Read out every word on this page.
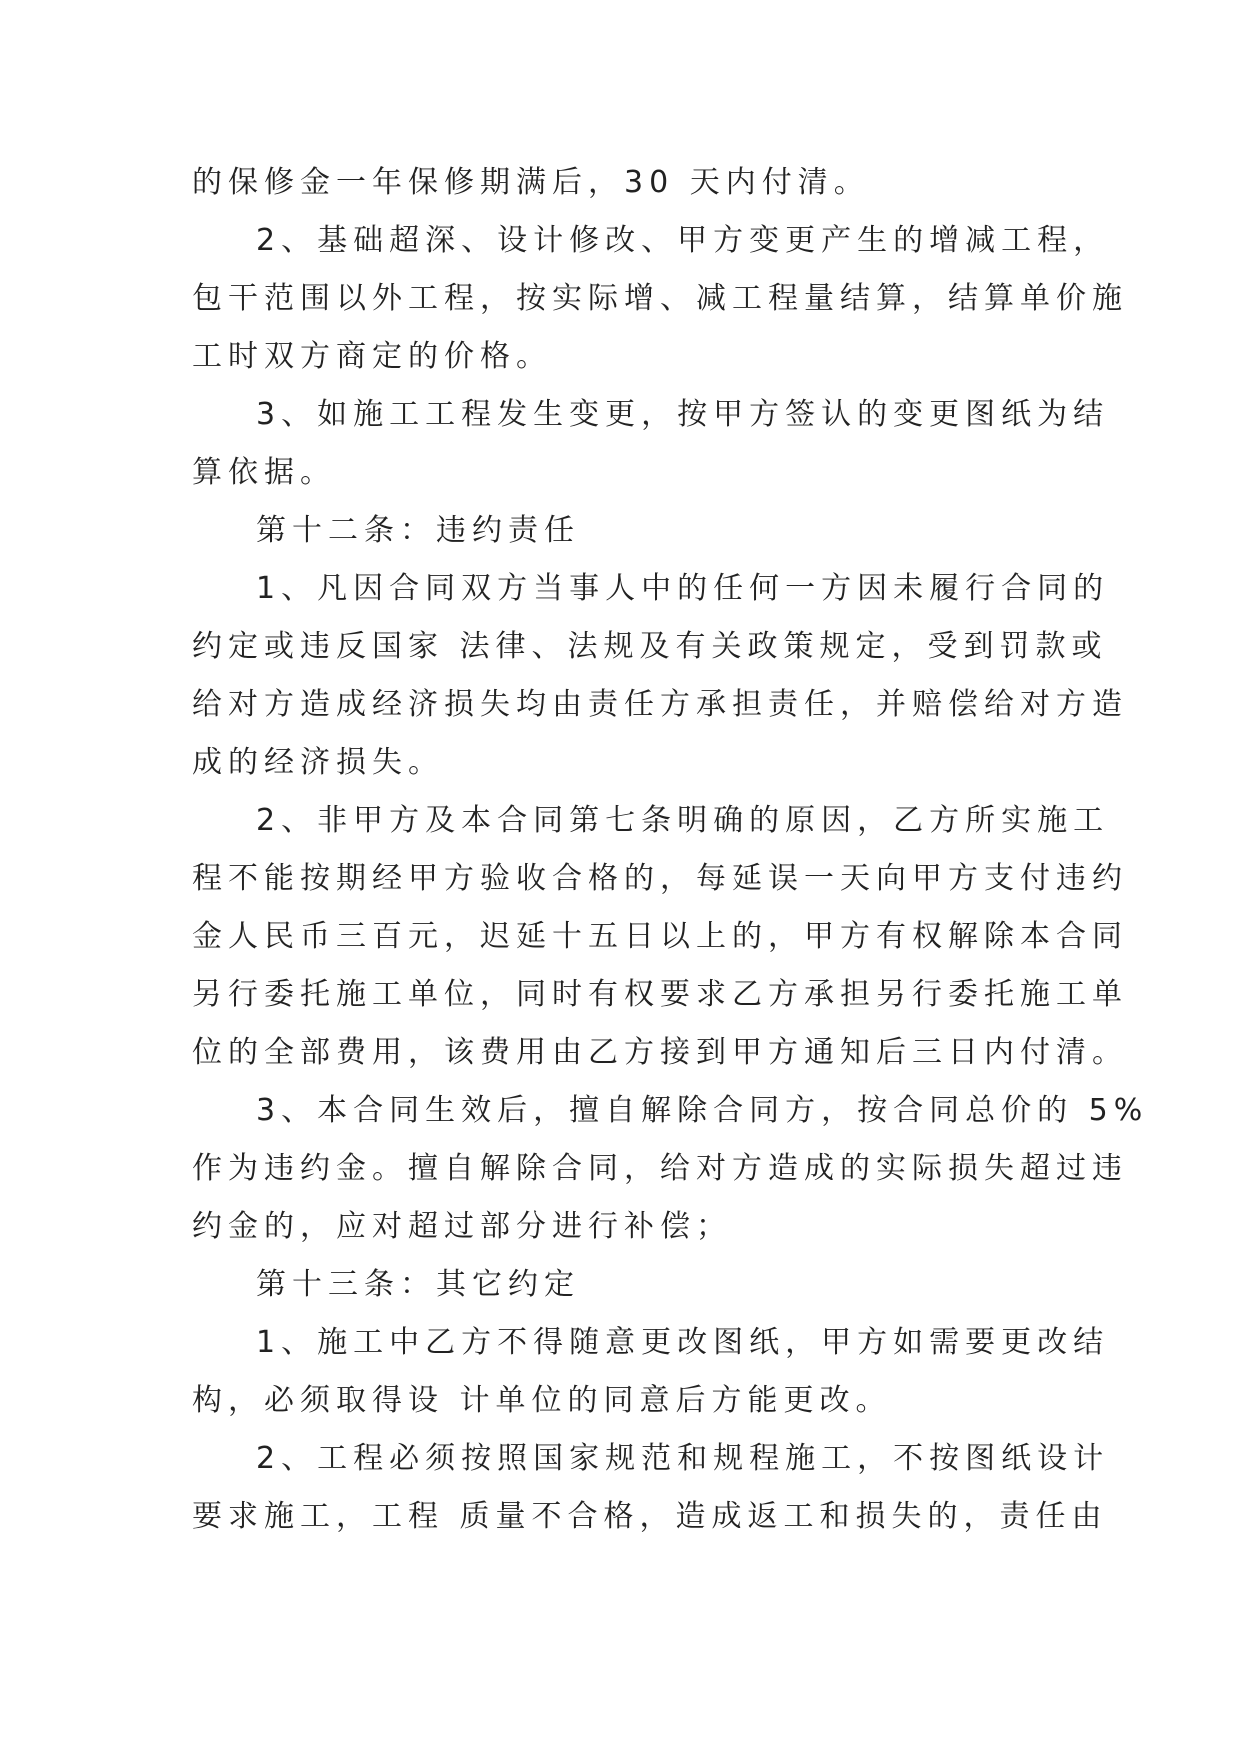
的保修金一年保修期满后，30 天内付清。
2、基础超深、设计修改、甲方变更产生的增减工程，
包干范围以外工程，按实际增、减工程量结算，结算单价施
工时双方商定的价格。
3、如施工工程发生变更，按甲方签认的变更图纸为结
算依据。
第十二条：违约责任
1、凡因合同双方当事人中的任何一方因未履行合同的
约定或违反国家 法律、法规及有关政策规定，受到罚款或
给对方造成经济损失均由责任方承担责任，并赔偿给对方造
成的经济损失。
2、非甲方及本合同第七条明确的原因，乙方所实施工
程不能按期经甲方验收合格的，每延误一天向甲方支付违约
金人民币三百元，迟延十五日以上的，甲方有权解除本合同
另行委托施工单位，同时有权要求乙方承担另行委托施工单
位的全部费用，该费用由乙方接到甲方通知后三日内付清。
3、本合同生效后，擅自解除合同方，按合同总价的 5%
作为违约金。擅自解除合同，给对方造成的实际损失超过违
约金的，应对超过部分进行补偿；
第十三条：其它约定
1、施工中乙方不得随意更改图纸，甲方如需要更改结
构，必须取得设 计单位的同意后方能更改。
2、工程必须按照国家规范和规程施工，不按图纸设计
要求施工，工程 质量不合格，造成返工和损失的，责任由
